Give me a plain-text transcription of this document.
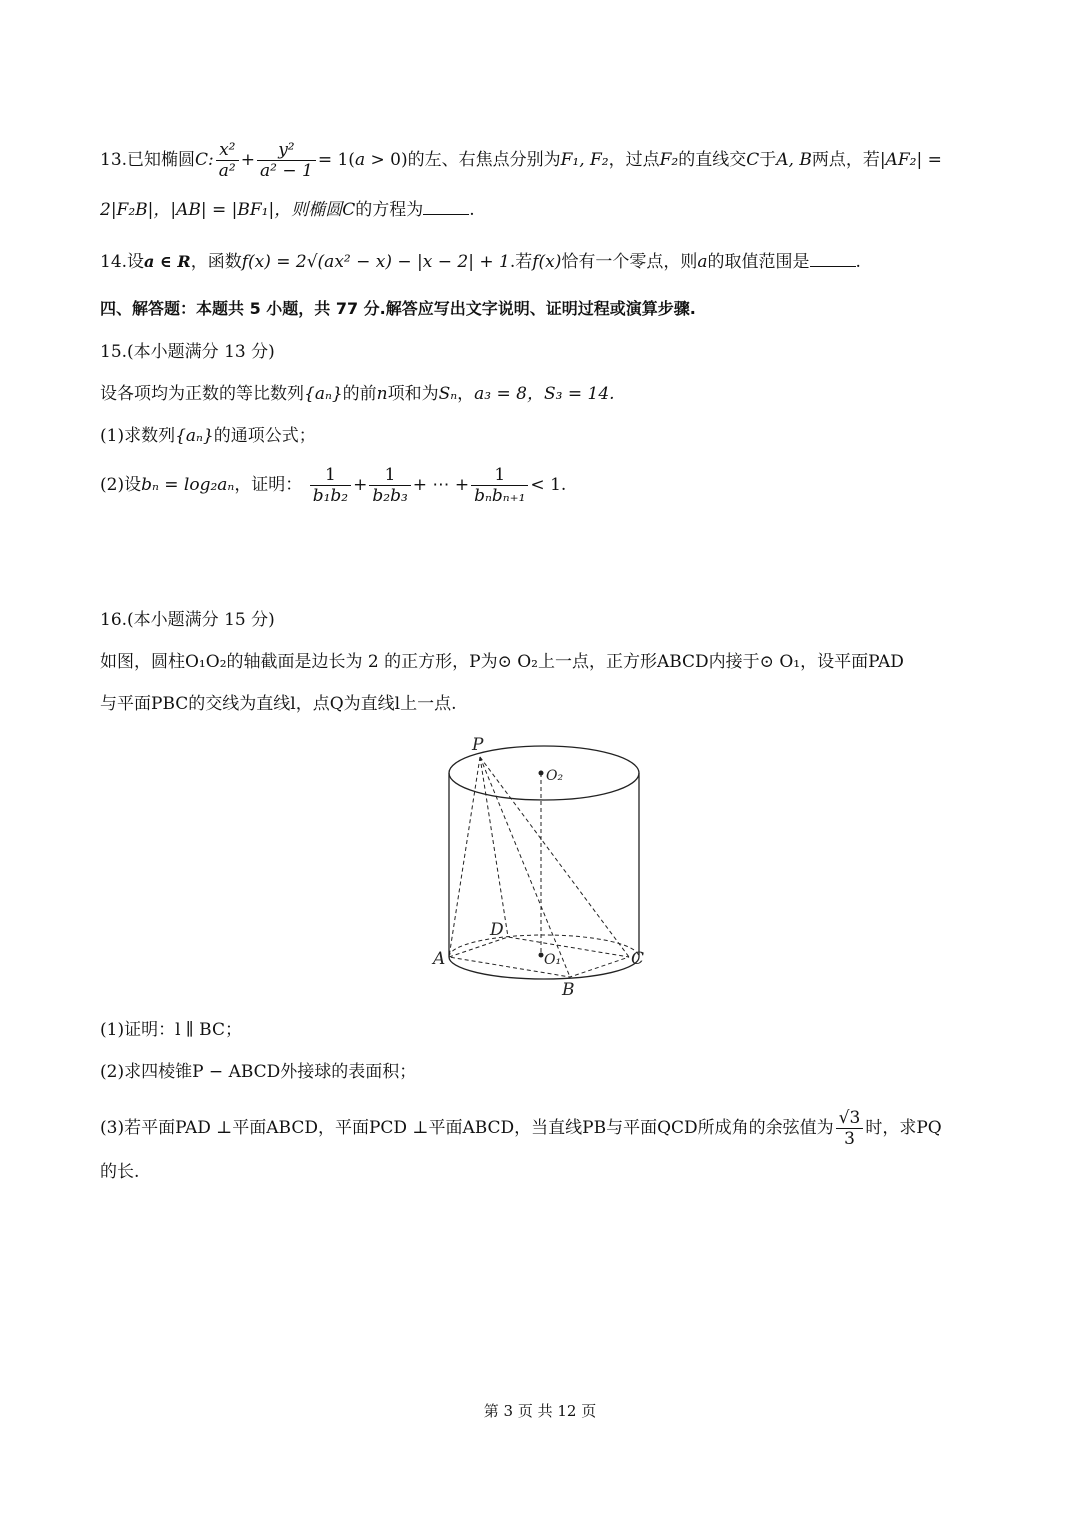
13.已知椭圆C: $\frac{\text{x²}}{\text{a²}} + \frac{\text{y²}}{\text{a² − 1}} = 1(a > 0)$的左、右焦点分别为F₁, F₂，过点F₂的直线交C于A, B两点，若|AF₂| =
2|F₂B|，|AB| = |BF₁|，则椭圆C的方程为	.
14.设a ∈ R，函数f(x) = 2√(ax² − x) − |x − 2| + 1.若f(x)恰有一个零点，则a的取值范围是	.
四、解答题：本题共 5 小题，共 77 分.解答应写出文字说明、证明过程或演算步骤.
15.(本小题满分 13 分)
设各项均为正数的等比数列{aₙ}的前n项和为Sₙ，a₃ = 8，S₃ = 14.
(1)求数列{aₙ}的通项公式；
(2)设bₙ = log₂aₙ，证明： $\frac{1}{\text{b₁b₂}} + \frac{1}{\text{b₂b₃}}$ + ⋯ + $\frac{1}{\text{bₙbₙ₊₁}} < 1$.
16.(本小题满分 15 分)
如图，圆柱O₁O₂的轴截面是边长为 2 的正方形，P为⊙ O₂上一点，正方形ABCD内接于⊙ O₁，设平面PAD
与平面PBC的交线为直线l，点Q为直线l上一点.
P
O₂
D
A	O₁	C
B
(1)证明：l ∥ BC；
(2)求四棱锥P − ABCD外接球的表面积；
(3)若平面PAD ⊥平面ABCD，平面PCD ⊥平面ABCD，当直线PB与平面QCD所成角的余弦值为 $\frac{√3}{3}$ 时，求PQ
的长.
第 3 页 共 12 页
